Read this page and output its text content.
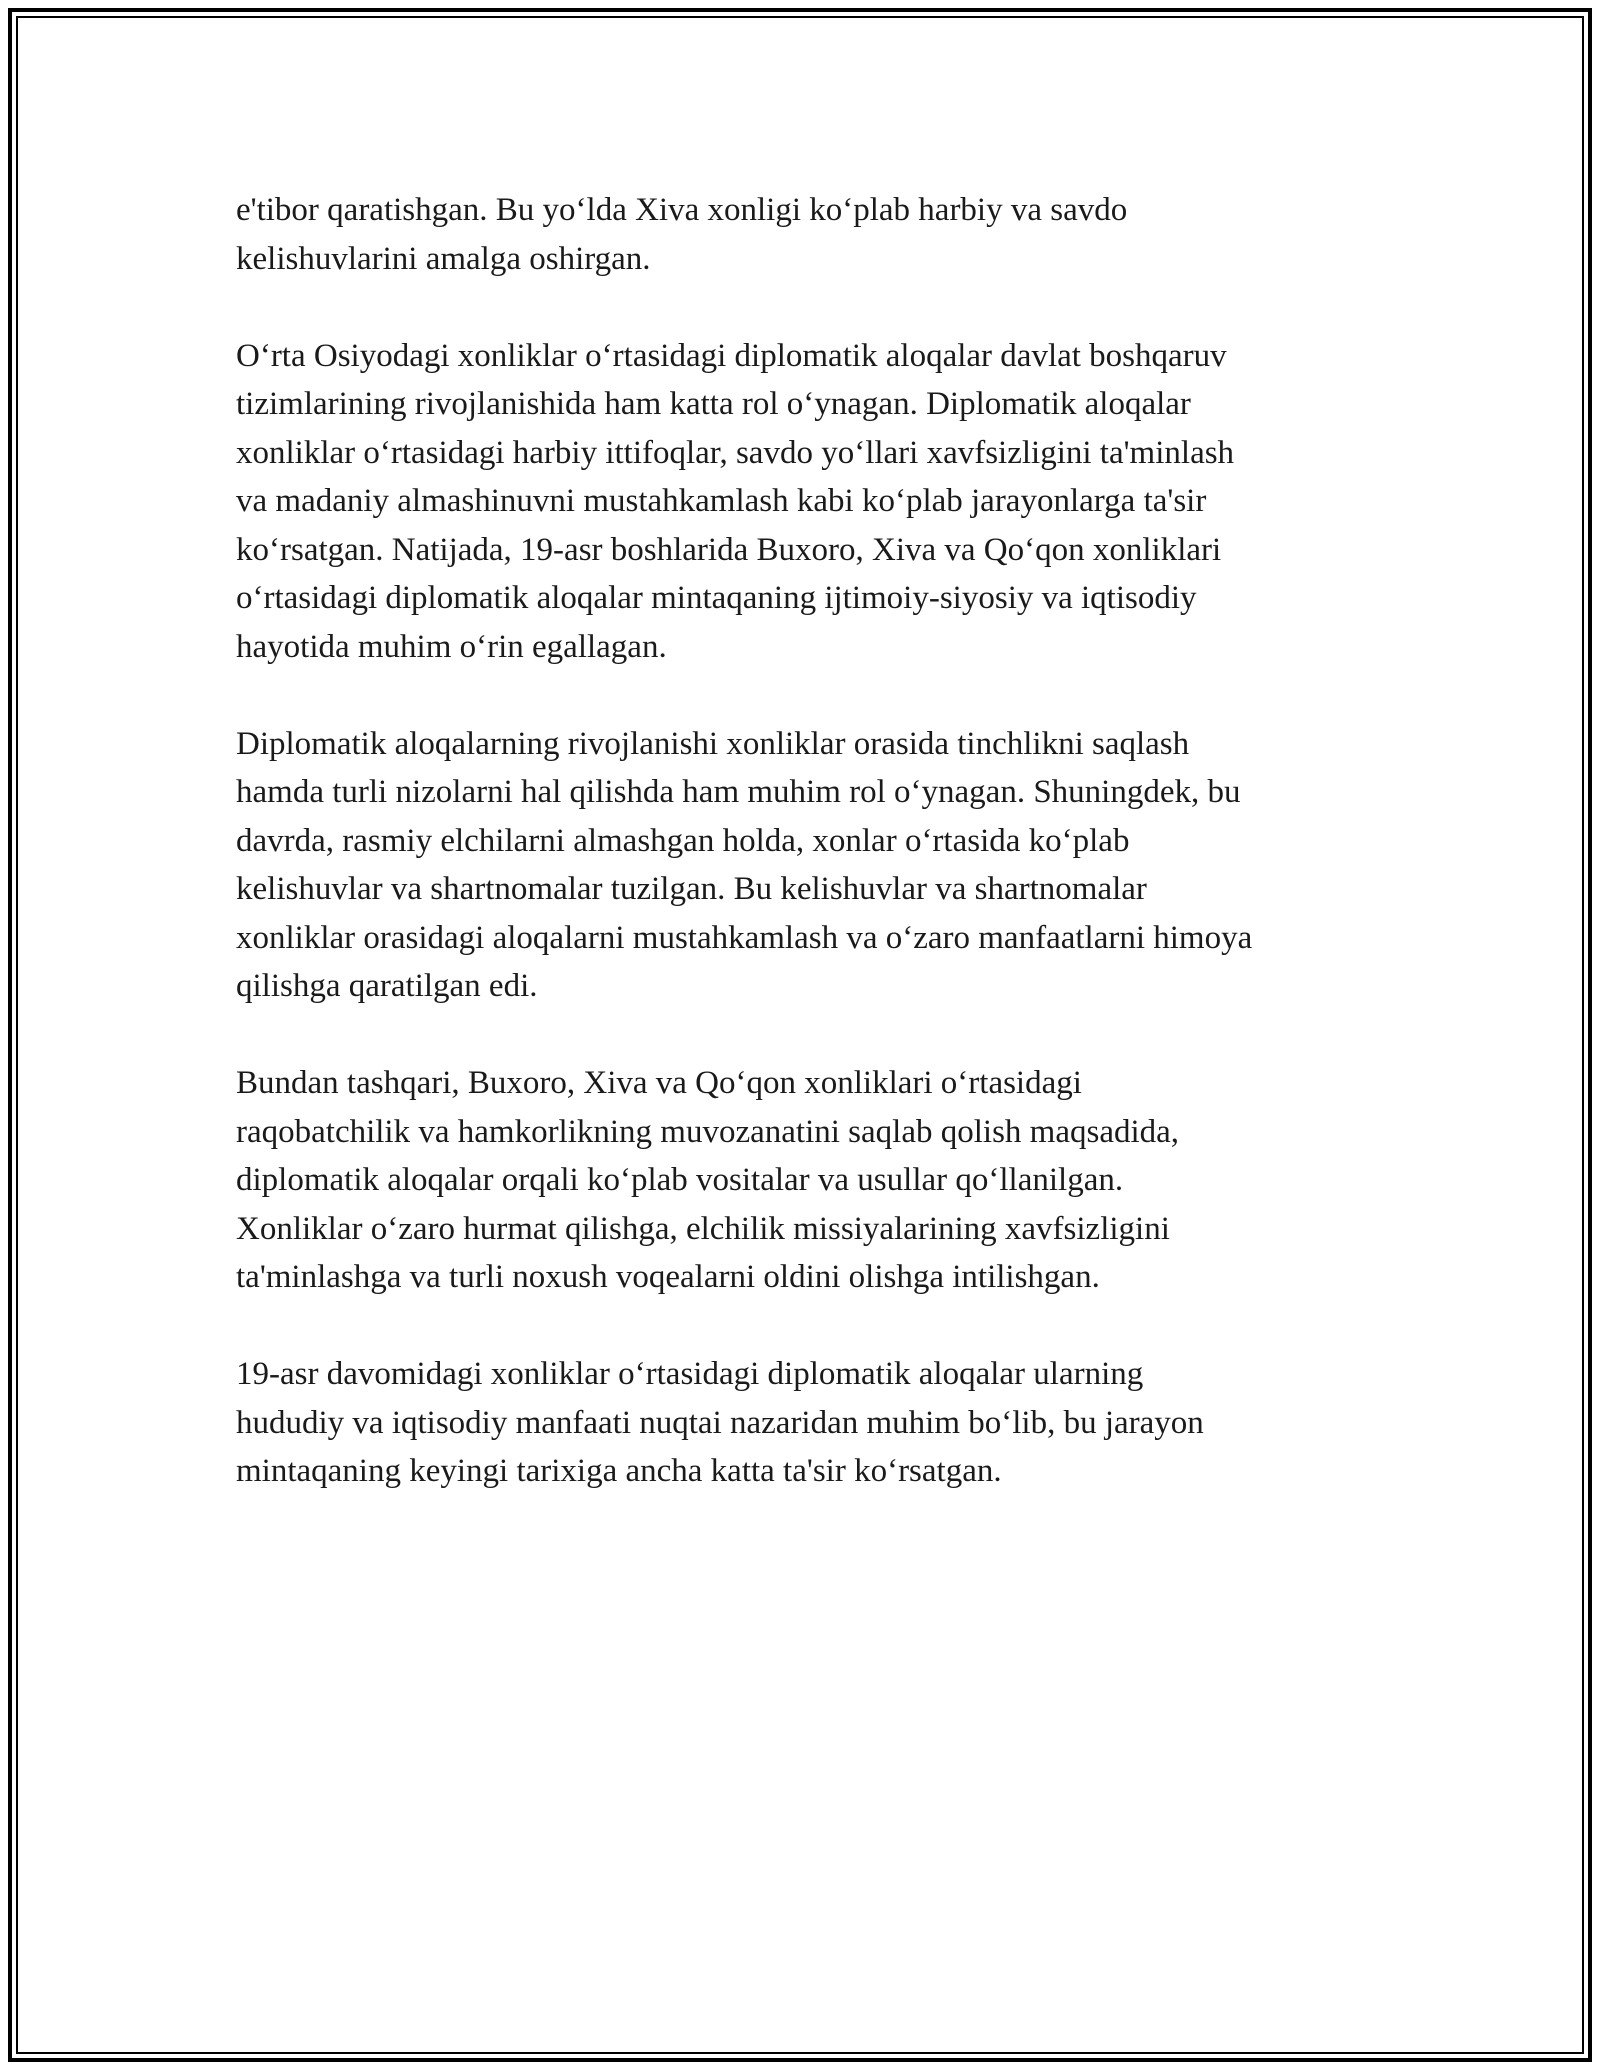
e'tibor qaratishgan. Bu yo‘lda Xiva xonligi ko‘plab harbiy va savdo
kelishuvlarini amalga oshirgan.

O‘rta Osiyodagi xonliklar o‘rtasidagi diplomatik aloqalar davlat boshqaruv
tizimlarining rivojlanishida ham katta rol o‘ynagan. Diplomatik aloqalar
xonliklar o‘rtasidagi harbiy ittifoqlar, savdo yo‘llari xavfsizligini ta'minlash
va madaniy almashinuvni mustahkamlash kabi ko‘plab jarayonlarga ta'sir
ko‘rsatgan. Natijada, 19-asr boshlarida Buxoro, Xiva va Qo‘qon xonliklari
o‘rtasidagi diplomatik aloqalar mintaqaning ijtimoiy-siyosiy va iqtisodiy
hayotida muhim o‘rin egallagan.

Diplomatik aloqalarning rivojlanishi xonliklar orasida tinchlikni saqlash
hamda turli nizolarni hal qilishda ham muhim rol o‘ynagan. Shuningdek, bu
davrda, rasmiy elchilarni almashgan holda, xonlar o‘rtasida ko‘plab
kelishuvlar va shartnomalar tuzilgan. Bu kelishuvlar va shartnomalar
xonliklar orasidagi aloqalarni mustahkamlash va o‘zaro manfaatlarni himoya
qilishga qaratilgan edi.

Bundan tashqari, Buxoro, Xiva va Qo‘qon xonliklari o‘rtasidagi
raqobatchilik va hamkorlikning muvozanatini saqlab qolish maqsadida,
diplomatik aloqalar orqali ko‘plab vositalar va usullar qo‘llanilgan.
Xonliklar o‘zaro hurmat qilishga, elchilik missiyalarining xavfsizligini
ta'minlashga va turli noxush voqealarni oldini olishga intilishgan.

19-asr davomidagi xonliklar o‘rtasidagi diplomatik aloqalar ularning
hududiy va iqtisodiy manfaati nuqtai nazaridan muhim bo‘lib, bu jarayon
mintaqaning keyingi tarixiga ancha katta ta'sir ko‘rsatgan.
